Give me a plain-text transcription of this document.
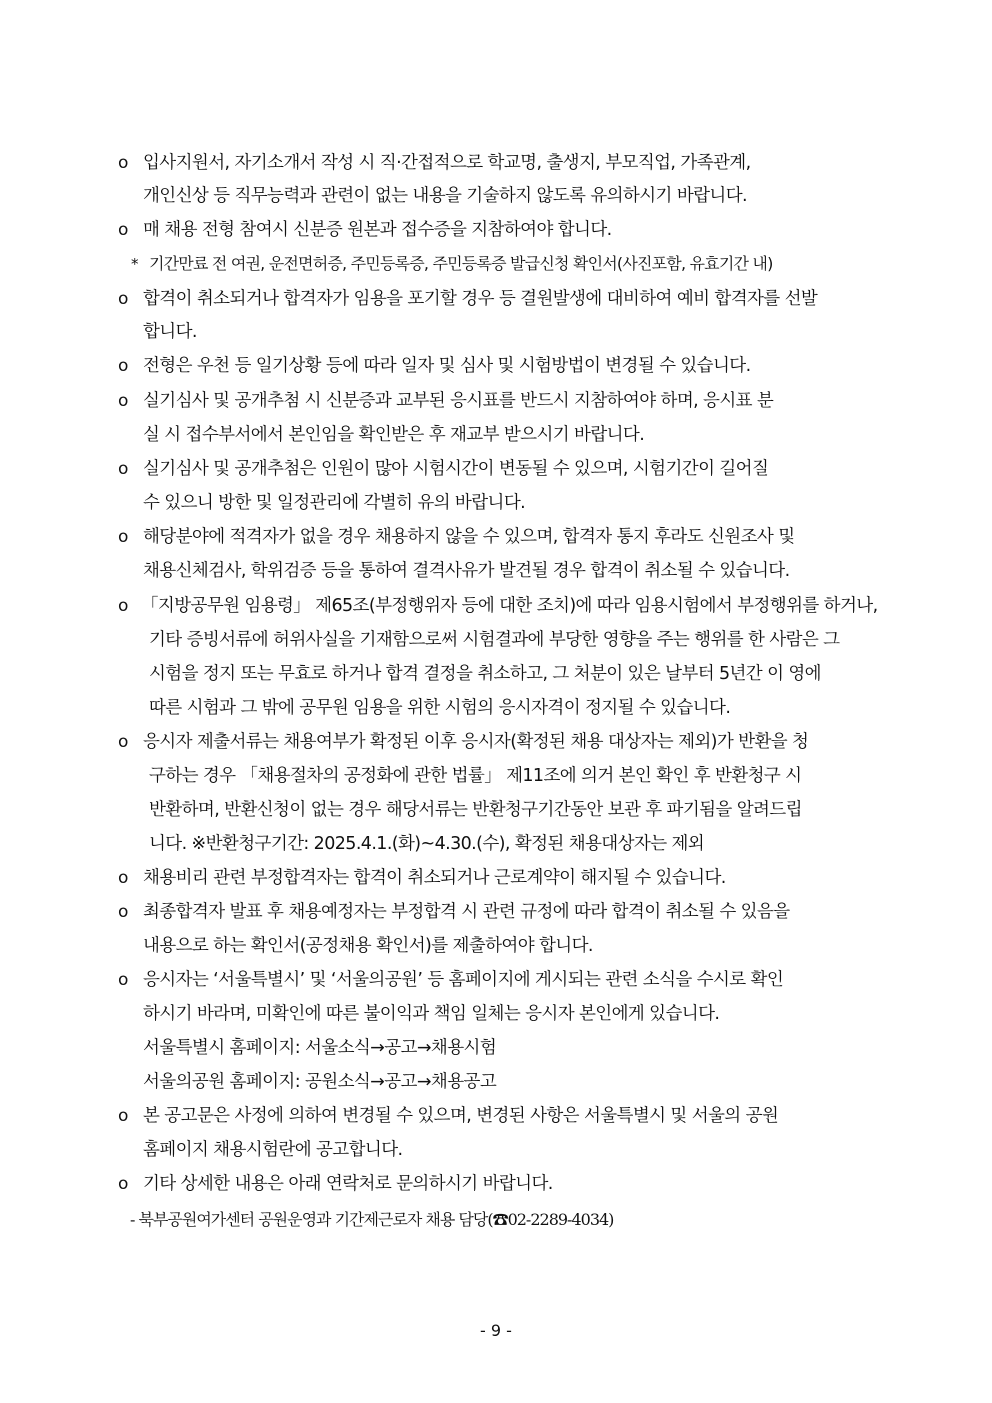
o 입사지원서, 자기소개서 작성 시 직·간접적으로 학교명, 출생지, 부모직업, 가족관계,
개인신상 등 직무능력과 관련이 없는 내용을 기술하지 않도록 유의하시기 바랍니다.
o 매 채용 전형 참여시 신분증 원본과 접수증을 지참하여야 합니다.
* 기간만료 전 여권, 운전면허증, 주민등록증, 주민등록증 발급신청 확인서(사진포함, 유효기간 내)
o 합격이 취소되거나 합격자가 임용을 포기할 경우 등 결원발생에 대비하여 예비 합격자를 선발
합니다.
o 전형은 우천 등 일기상황 등에 따라 일자 및 심사 및 시험방법이 변경될 수 있습니다.
o 실기심사 및 공개추첨 시 신분증과 교부된 응시표를 반드시 지참하여야 하며, 응시표 분
실 시 접수부서에서 본인임을 확인받은 후 재교부 받으시기 바랍니다.
o 실기심사 및 공개추첨은 인원이 많아 시험시간이 변동될 수 있으며, 시험기간이 길어질
수 있으니 방한 및 일정관리에 각별히 유의 바랍니다.
o 해당분야에 적격자가 없을 경우 채용하지 않을 수 있으며, 합격자 통지 후라도 신원조사 및
채용신체검사, 학위검증 등을 통하여 결격사유가 발견될 경우 합격이 취소될 수 있습니다.
o 「지방공무원 임용령」 제65조(부정행위자 등에 대한 조치)에 따라 임용시험에서 부정행위를 하거나,
기타 증빙서류에 허위사실을 기재함으로써 시험결과에 부당한 영향을 주는 행위를 한 사람은 그
시험을 정지 또는 무효로 하거나 합격 결정을 취소하고, 그 처분이 있은 날부터 5년간 이 영에
따른 시험과 그 밖에 공무원 임용을 위한 시험의 응시자격이 정지될 수 있습니다.
o 응시자 제출서류는 채용여부가 확정된 이후 응시자(확정된 채용 대상자는 제외)가 반환을 청
구하는 경우 「채용절차의 공정화에 관한 법률」 제11조에 의거 본인 확인 후 반환청구 시
반환하며, 반환신청이 없는 경우 해당서류는 반환청구기간동안 보관 후 파기됨을 알려드립
니다. ※반환청구기간: 2025.4.1.(화)~4.30.(수), 확정된 채용대상자는 제외
o 채용비리 관련 부정합격자는 합격이 취소되거나 근로계약이 해지될 수 있습니다.
o 최종합격자 발표 후 채용예정자는 부정합격 시 관련 규정에 따라 합격이 취소될 수 있음을
내용으로 하는 확인서(공정채용 확인서)를 제출하여야 합니다.
o 응시자는 ‘서울특별시’ 및 ‘서울의공원’ 등 홈페이지에 게시되는 관련 소식을 수시로 확인
하시기 바라며, 미확인에 따른 불이익과 책임 일체는 응시자 본인에게 있습니다.
서울특별시 홈페이지: 서울소식→공고→채용시험
서울의공원 홈페이지: 공원소식→공고→채용공고
o 본 공고문은 사정에 의하여 변경될 수 있으며, 변경된 사항은 서울특별시 및 서울의 공원
홈페이지 채용시험란에 공고합니다.
o 기타 상세한 내용은 아래 연락처로 문의하시기 바랍니다.
- 북부공원여가센터 공원운영과 기간제근로자 채용 담당(☎02-2289-4034)
- 9 -
